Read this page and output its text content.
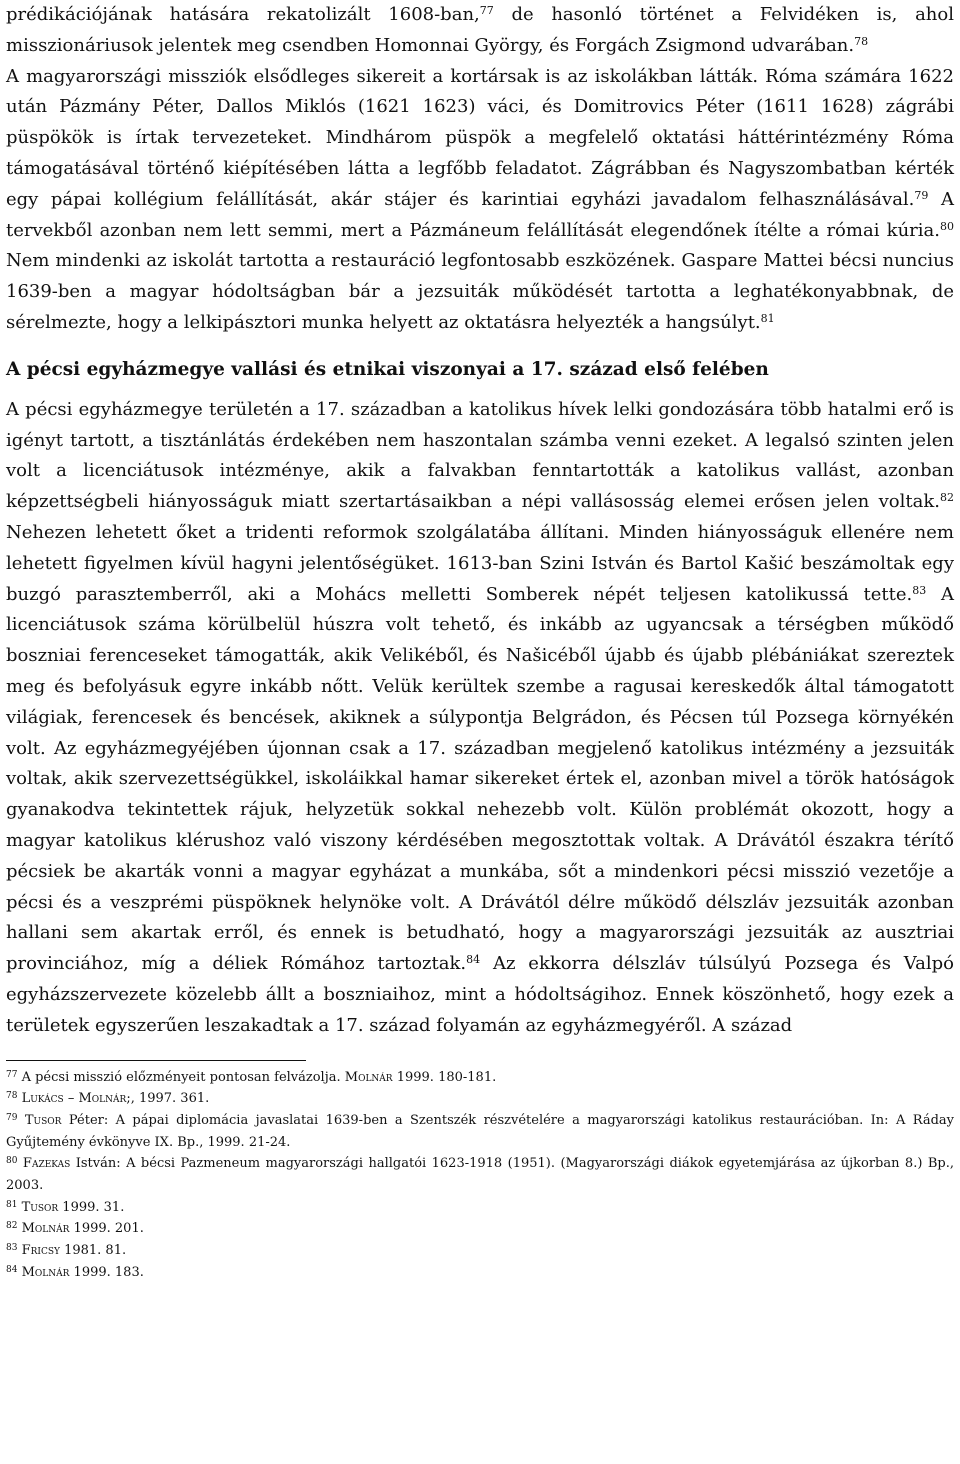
prédikációjának hatására rekatolizált 1608-ban,$^{77}$ de hasonló történet a Felvidéken is, ahol misszionáriusok jelentek meg csendben Homonnai György, és Forgách Zsigmond udvarában.$^{78}$

A magyarországi missziók elsődleges sikereit a kortársak is az iskolákban látták. Róma számára 1622 után Pázmány Péter, Dallos Miklós (1621 1623) váci, és Domitrovics Péter (1611 1628) zágrábi püspökök is írtak tervezeteket. Mindhárom püspök a megfelelő oktatási háttérintézmény Róma támogatásával történő kiépítésében látta a legfőbb feladatot. Zágrábban és Nagyszombatban kérték egy pápai kollégium felállítását, akár stájer és karintiai egyházi javadalom felhasználásával.$^{79}$ A tervekből azonban nem lett semmi, mert a Pázmáneum felállítását elegendőnek ítélte a római kúria.$^{80}$ Nem mindenki az iskolát tartotta a restauráció legfontosabb eszközének. Gaspare Mattei bécsi nuncius 1639-ben a magyar hódoltságban bár a jezsuiták működését tartotta a leghatékonyabbnak, de sérelmezte, hogy a lelkipásztori munka helyett az oktatásra helyezték a hangsúlyt.$^{81}$

A pécsi egyházmegye vallási és etnikai viszonyai a 17. század első felében

A pécsi egyházmegye területén a 17. században a katolikus hívek lelki gondozására több hatalmi erő is igényt tartott, a tisztánlátás érdekében nem haszontalan számba venni ezeket. A legalsó szinten jelen volt a licenciátusok intézménye, akik a falvakban fenntartották a katolikus vallást, azonban képzettségbeli hiányosságuk miatt szertartásaikban a népi vallásosság elemei erősen jelen voltak.$^{82}$ Nehezen lehetett őket a tridenti reformok szolgálatába állítani. Minden hiányosságuk ellenére nem lehetett figyelmen kívül hagyni jelentőségüket. 1613-ban Szini István és Bartol Kašić beszámoltak egy buzgó parasztemberről, aki a Mohács melletti Somberek népét teljesen katolikussá tette.$^{83}$ A licenciátusok száma körülbelül húszra volt tehető, és inkább az ugyancsak a térségben működő boszniai ferenceseket támogatták, akik Velikéből, és Našicéből újabb és újabb plébániákat szereztek meg és befolyásuk egyre inkább nőtt. Velük kerültek szembe a ragusai kereskedők által támogatott világiak, ferencesek és bencések, akiknek a súlypontja Belgrádon, és Pécsen túl Pozsega környékén volt. Az egyházmegyéjében újonnan csak a 17. században megjelenő katolikus intézmény a jezsuiták voltak, akik szervezettségükkel, iskoláikkal hamar sikereket értek el, azonban mivel a török hatóságok gyanakodva tekintettek rájuk, helyzetük sokkal nehezebb volt. Külön problémát okozott, hogy a magyar katolikus klérushoz való viszony kérdésében megosztottak voltak. A Drávától északra térítő pécsiek be akarták vonni a magyar egyházat a munkába, sőt a mindenkori pécsi misszió vezetője a pécsi és a veszprémi püspöknek helynöke volt. A Drávától délre működő délszláv jezsuiták azonban hallani sem akartak erről, és ennek is betudható, hogy a magyarországi jezsuiták az ausztriai provinciához, míg a déliek Rómához tartoztak.$^{84}$ Az ekkorra délszláv túlsúlyú Pozsega és Valpó egyházszervezete közelebb állt a boszniaihoz, mint a hódoltságihoz. Ennek köszönhető, hogy ezek a területek egyszerűen leszakadtak a 17. század folyamán az egyházmegyéről. A század

$^{77}$ A pécsi misszió előzményeit pontosan felvázolja. Molnár 1999. 180-181.

$^{78}$ Lukács – Molnár;, 1997. 361.

$^{79}$ Tusor Péter: A pápai diplomácia javaslatai 1639-ben a Szentszék részvételére a magyarországi katolikus restaurációban. In: A Ráday Gyűjtemény évkönyve IX. Bp., 1999. 21-24.

$^{80}$ Fazekas István: A bécsi Pazmeneum magyarországi hallgatói 1623-1918 (1951). (Magyarországi diákok egyetemjárása az újkorban 8.) Bp., 2003.

$^{81}$ Tusor 1999. 31.

$^{82}$ Molnár 1999. 201.

$^{83}$ Fricsy 1981. 81.

$^{84}$ Molnár 1999. 183.
